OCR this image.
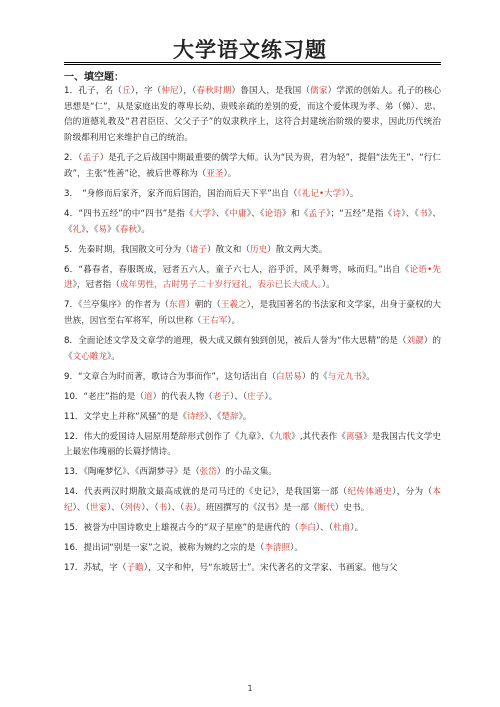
大学语文练习题
一、填空题：

1．孔子，名（丘），字（仲尼），（春秋时期）鲁国人，是我国（儒家）学派的创始人。孔子的核心思想是“仁”，从是家庭出发的尊卑长幼、贵贱亲疏的差别的爱，而这个爱体现为孝、弟（悌）、忠、信的道德礼教及“君君臣臣、父父子子”的奴隶秩序上，这符合封建统治阶级的要求，因此历代统治阶级都利用它来维护自己的统治。

2．（孟子）是孔子之后战国中期最重要的儒学大师。认为“民为贵，君为轻”，提倡“法先王”、“行仁政”，主张“性善”论，被后世尊称为（亚圣）。

3．　“身修而后家齐，家齐而后国治，国治而后天下平”出自（《礼记•大学》）。

4．“四书五经”的中“四书”是指《大学》、《中庸》、《论语》和《孟子》；“五经”是指《诗》、《书》、《礼》、《易》《春秋》。

5．先秦时期，我国散文可分为（诸子）散文和（历史）散文两大类。

6．“暮春者，春服既成，冠者五六人，童子六七人，浴乎沂，风乎舞雩，咏而归。”出自《论语•先进》，冠者指（成年男性，古时男子二十岁行冠礼，表示已长大成人。）。

7．《兰亭集序》的作者为（东晋）朝的（王羲之），是我国著名的书法家和文学家，出身于豪权的大世族，因官至右军将军，所以世称（王右军）。

8．全面论述文学及文章学的道理，极大成又颇有独到创见，被后人誉为“伟大思精”的是（刘勰）的《文心雕龙》。

9．“文章合为时而著，歌诗合为事而作”，这句话出自（白居易）的《与元九书》。

10．“老庄”指的是（道）的代表人物（老子）、（庄子）。

11．文学史上并称“风骚”的是《诗经》、《楚辞》。

12．伟大的爱国诗人屈原用楚辞形式创作了《九章》、《九歌》,其代表作《离骚》是我国古代文学史上最宏伟瑰丽的长篇抒情诗。

13．《陶庵梦忆》、《西湖梦寻》是（张岱）的小品文集。

14．代表两汉时期散文最高成就的是司马迁的《史记》，是我国第一部（纪传体通史），分为（本纪）、（世家）、（列传）、（书）、（表）。班固撰写的《汉书》是一部（断代）史书。

15．被誉为中国诗歌史上雄视古今的“双子星座”的是唐代的（李白）、（杜甫）。

16．提出词“别是一家”之说，被称为婉约之宗的是（李清照）。

17．苏轼，字（子瞻），又字和仲，号“东坡居士”。宋代著名的文学家、书画家。他与父

1
